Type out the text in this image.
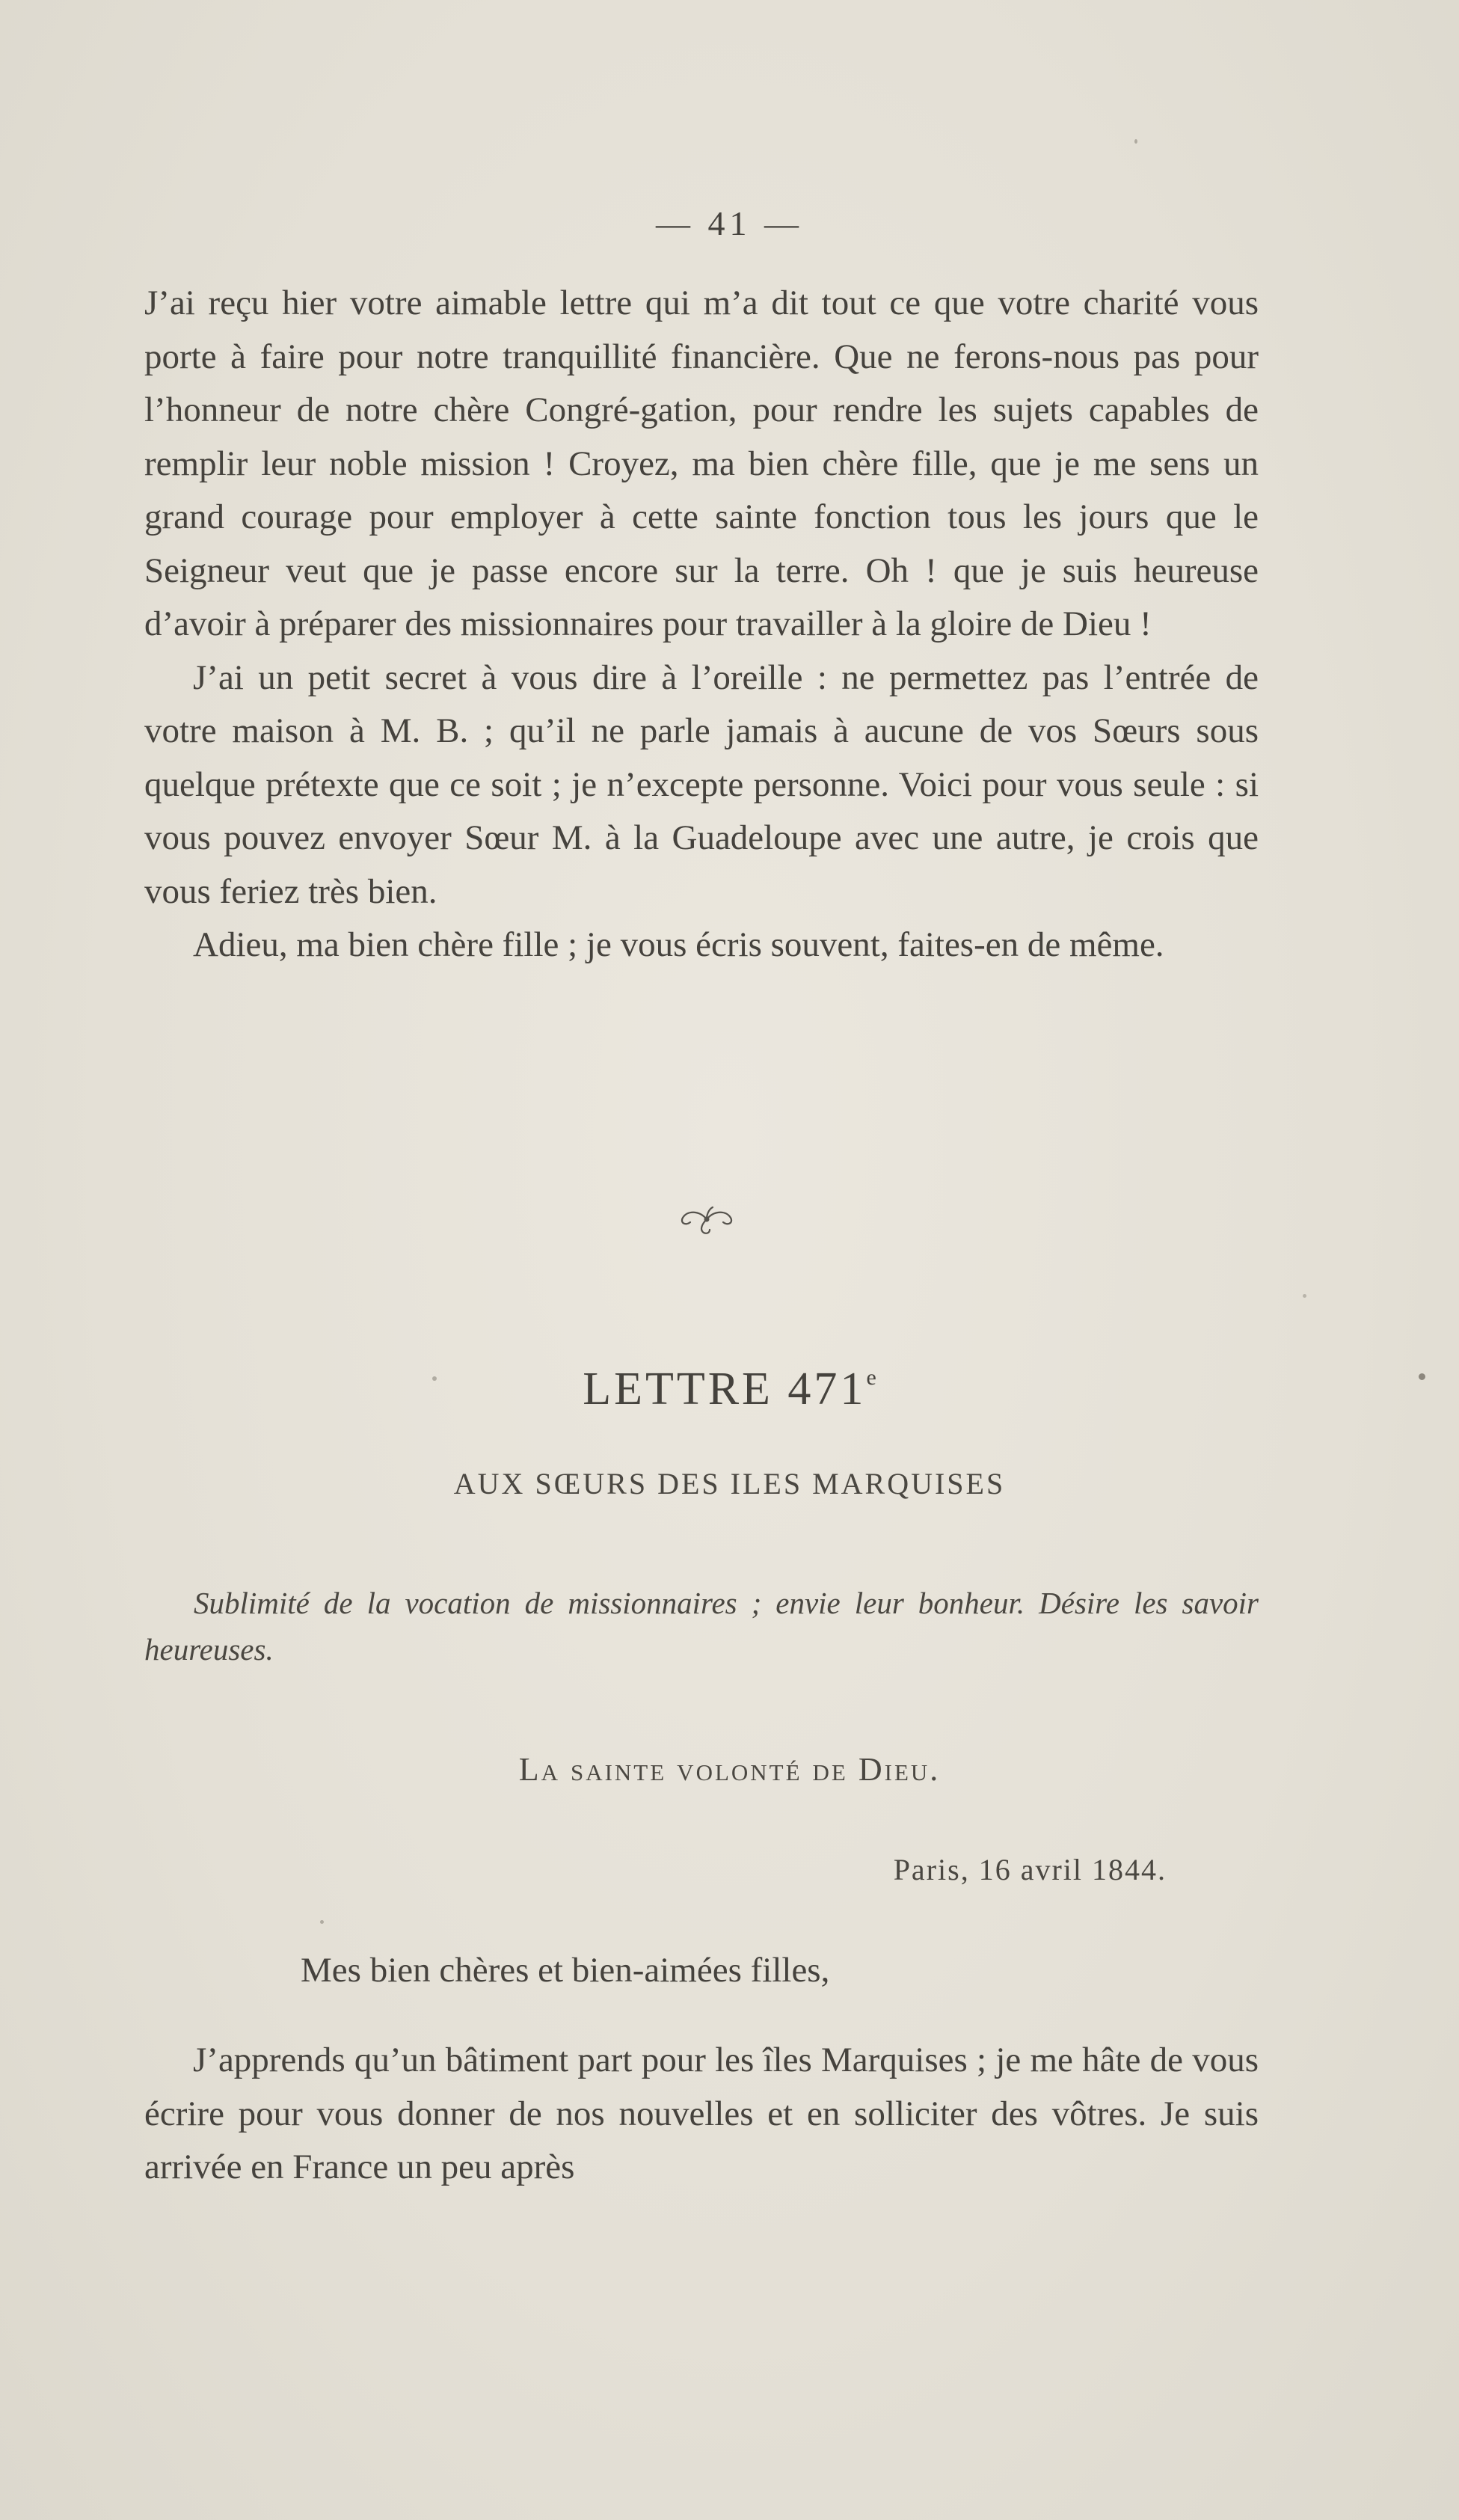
— 41 —

J’ai reçu hier votre aimable lettre qui m’a dit tout ce que votre charité vous porte à faire pour notre tranquillité financière. Que ne ferons-nous pas pour l’honneur de notre chère Congré-gation, pour rendre les sujets capables de remplir leur noble mission ! Croyez, ma bien chère fille, que je me sens un grand courage pour employer à cette sainte fonction tous les jours que le Seigneur veut que je passe encore sur la terre. Oh ! que je suis heureuse d’avoir à préparer des missionnaires pour travailler à la gloire de Dieu !

J’ai un petit secret à vous dire à l’oreille : ne permettez pas l’entrée de votre maison à M. B. ; qu’il ne parle jamais à aucune de vos Sœurs sous quelque prétexte que ce soit ; je n’excepte personne. Voici pour vous seule : si vous pouvez envoyer Sœur M. à la Guadeloupe avec une autre, je crois que vous feriez très bien.

Adieu, ma bien chère fille ; je vous écris souvent, faites-en de même.

LETTRE 471e
AUX SŒURS DES ILES MARQUISES
Sublimité de la vocation de missionnaires ; envie leur bonheur. Désire les savoir heureuses.
La sainte volonté de Dieu.
Paris, 16 avril 1844.
Mes bien chères et bien-aimées filles,

J’apprends qu’un bâtiment part pour les îles Marquises ; je me hâte de vous écrire pour vous donner de nos nouvelles et en solliciter des vôtres. Je suis arrivée en France un peu après
